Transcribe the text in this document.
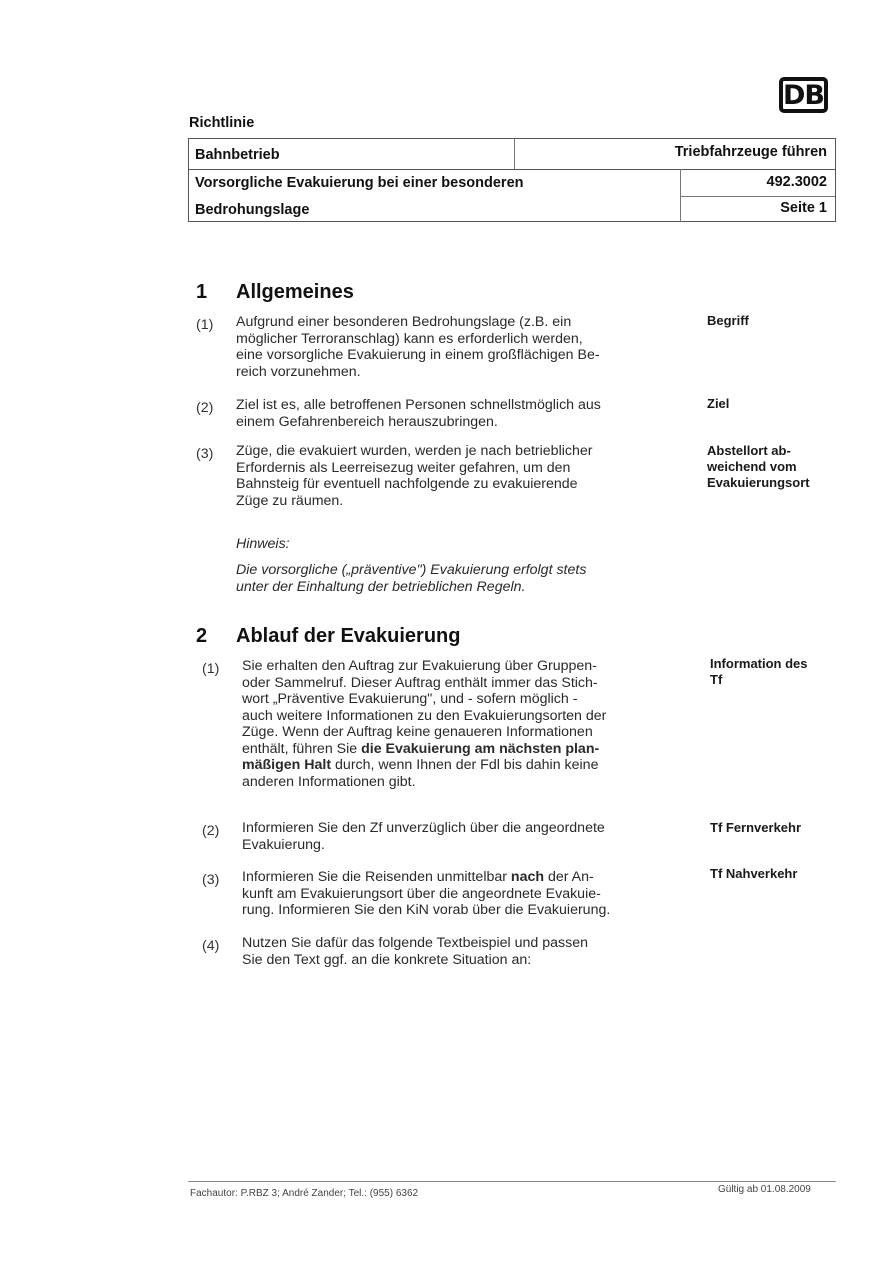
DB
Richtlinie
Bahnbetrieb	Triebfahrzeuge führen
Vorsorgliche Evakuierung bei einer besonderen	492.3002
Bedrohungslage	Seite 1
1	Allgemeines
(1) Aufgrund einer besonderen Bedrohungslage (z.B. ein
möglicher Terroranschlag) kann es erforderlich werden,
eine vorsorgliche Evakuierung in einem großflächigen Be-
reich vorzunehmen.
Begriff
(2) Ziel ist es, alle betroffenen Personen schnellstmöglich aus
einem Gefahrenbereich herauszubringen.
Ziel
(3) Züge, die evakuiert wurden, werden je nach betrieblicher
Erfordernis als Leerreisezug weiter gefahren, um den
Bahnsteig für eventuell nachfolgende zu evakuierende
Züge zu räumen.
Abstellort ab-
weichend vom
Evakuierungsort
Hinweis:
Die vorsorgliche („präventive") Evakuierung erfolgt stets
unter der Einhaltung der betrieblichen Regeln.
2	Ablauf der Evakuierung
(1) Sie erhalten den Auftrag zur Evakuierung über Gruppen-
oder Sammelruf. Dieser Auftrag enthält immer das Stich-
wort „Präventive Evakuierung", und - sofern möglich -
auch weitere Informationen zu den Evakuierungsorten der
Züge. Wenn der Auftrag keine genaueren Informationen
enthält, führen Sie die Evakuierung am nächsten plan-
mäßigen Halt durch, wenn Ihnen der Fdl bis dahin keine
anderen Informationen gibt.
Information des
Tf
(2) Informieren Sie den Zf unverzüglich über die angeordnete
Evakuierung.
Tf Fernverkehr
(3) Informieren Sie die Reisenden unmittelbar nach der An-
kunft am Evakuierungsort über die angeordnete Evakuie-
rung. Informieren Sie den KiN vorab über die Evakuierung.
Tf Nahverkehr
(4) Nutzen Sie dafür das folgende Textbeispiel und passen
Sie den Text ggf. an die konkrete Situation an:
Fachautor: P.RBZ 3; André Zander; Tel.: (955) 6362	Gültig ab 01.08.2009
